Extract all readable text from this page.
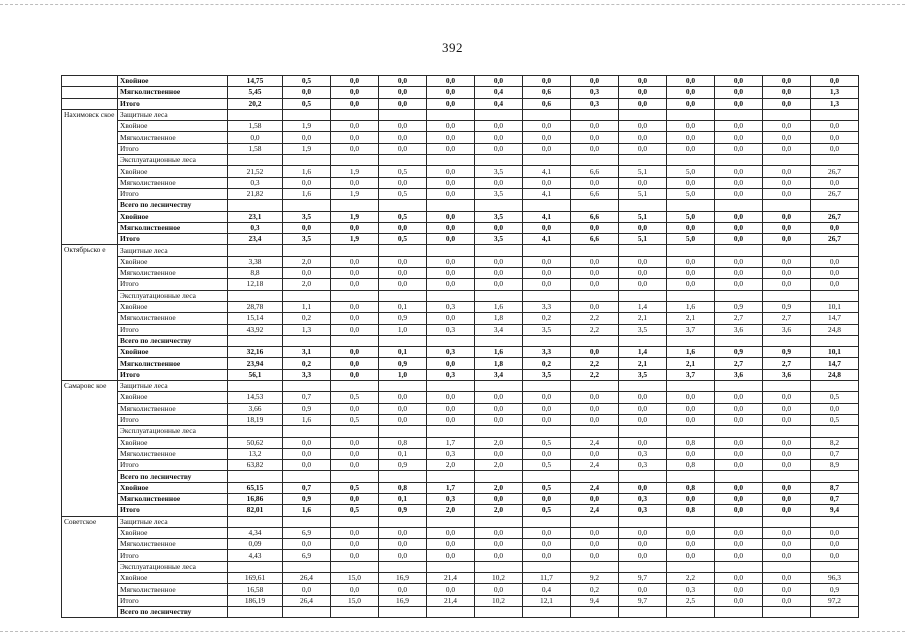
392
	Хвойное	14,75	0,5	0,0	0,0	0,0	0,0	0,0	0,0	0,0	0,0	0,0	0,0	0,0
	Мягколиственное	5,45	0,0	0,0	0,0	0,0	0,4	0,6	0,3	0,0	0,0	0,0	0,0	1,3
	Итого	20,2	0,5	0,0	0,0	0,0	0,4	0,6	0,3	0,0	0,0	0,0	0,0	1,3
Нахимовск ское	Защитные леса													
	Хвойное	1,58	1,9	0,0	0,0	0,0	0,0	0,0	0,0	0,0	0,0	0,0	0,0	0,0
	Мягколиственное	0,0	0,0	0,0	0,0	0,0	0,0	0,0	0,0	0,0	0,0	0,0	0,0	0,0
	Итого	1,58	1,9	0,0	0,0	0,0	0,0	0,0	0,0	0,0	0,0	0,0	0,0	0,0
	Эксплуатационные леса													
	Хвойное	21,52	1,6	1,9	0,5	0,0	3,5	4,1	6,6	5,1	5,0	0,0	0,0	26,7
	Мягколиственное	0,3	0,0	0,0	0,0	0,0	0,0	0,0	0,0	0,0	0,0	0,0	0,0	0,0
	Итого	21,82	1,6	1,9	0,5	0,0	3,5	4,1	6,6	5,1	5,0	0,0	0,0	26,7
	Всего по лесничеству													
	Хвойное	23,1	3,5	1,9	0,5	0,0	3,5	4,1	6,6	5,1	5,0	0,0	0,0	26,7
	Мягколиственное	0,3	0,0	0,0	0,0	0,0	0,0	0,0	0,0	0,0	0,0	0,0	0,0	0,0
	Итого	23,4	3,5	1,9	0,5	0,0	3,5	4,1	6,6	5,1	5,0	0,0	0,0	26,7
Октябрьско е	Защитные леса													
	Хвойное	3,38	2,0	0,0	0,0	0,0	0,0	0,0	0,0	0,0	0,0	0,0	0,0	0,0
	Мягколиственное	8,8	0,0	0,0	0,0	0,0	0,0	0,0	0,0	0,0	0,0	0,0	0,0	0,0
	Итого	12,18	2,0	0,0	0,0	0,0	0,0	0,0	0,0	0,0	0,0	0,0	0,0	0,0
	Эксплуатационные леса													
	Хвойное	28,78	1,1	0,0	0,1	0,3	1,6	3,3	0,0	1,4	1,6	0,9	0,9	10,1
	Мягколиственное	15,14	0,2	0,0	0,9	0,0	1,8	0,2	2,2	2,1	2,1	2,7	2,7	14,7
	Итого	43,92	1,3	0,0	1,0	0,3	3,4	3,5	2,2	3,5	3,7	3,6	3,6	24,8
	Всего по лесничеству													
	Хвойное	32,16	3,1	0,0	0,1	0,3	1,6	3,3	0,0	1,4	1,6	0,9	0,9	10,1
	Мягколиственное	23,94	0,2	0,0	0,9	0,0	1,8	0,2	2,2	2,1	2,1	2,7	2,7	14,7
	Итого	56,1	3,3	0,0	1,0	0,3	3,4	3,5	2,2	3,5	3,7	3,6	3,6	24,8
Самаровс кое	Защитные леса													
	Хвойное	14,53	0,7	0,5	0,0	0,0	0,0	0,0	0,0	0,0	0,0	0,0	0,0	0,5
	Мягколиственное	3,66	0,9	0,0	0,0	0,0	0,0	0,0	0,0	0,0	0,0	0,0	0,0	0,0
	Итого	18,19	1,6	0,5	0,0	0,0	0,0	0,0	0,0	0,0	0,0	0,0	0,0	0,5
	Эксплуатационные леса													
	Хвойное	50,62	0,0	0,0	0,8	1,7	2,0	0,5	2,4	0,0	0,8	0,0	0,0	8,2
	Мягколиственное	13,2	0,0	0,0	0,1	0,3	0,0	0,0	0,0	0,3	0,0	0,0	0,0	0,7
	Итого	63,82	0,0	0,0	0,9	2,0	2,0	0,5	2,4	0,3	0,8	0,0	0,0	8,9
	Всего по лесничеству													
	Хвойное	65,15	0,7	0,5	0,8	1,7	2,0	0,5	2,4	0,0	0,8	0,0	0,0	8,7
	Мягколиственное	16,86	0,9	0,0	0,1	0,3	0,0	0,0	0,0	0,3	0,0	0,0	0,0	0,7
	Итого	82,01	1,6	0,5	0,9	2,0	2,0	0,5	2,4	0,3	0,8	0,0	0,0	9,4
Советское	Защитные леса													
	Хвойное	4,34	6,9	0,0	0,0	0,0	0,0	0,0	0,0	0,0	0,0	0,0	0,0	0,0
	Мягколиственное	0,09	0,0	0,0	0,0	0,0	0,0	0,0	0,0	0,0	0,0	0,0	0,0	0,0
	Итого	4,43	6,9	0,0	0,0	0,0	0,0	0,0	0,0	0,0	0,0	0,0	0,0	0,0
	Эксплуатационные леса													
	Хвойное	169,61	26,4	15,0	16,9	21,4	10,2	11,7	9,2	9,7	2,2	0,0	0,0	96,3
	Мягколиственное	16,58	0,0	0,0	0,0	0,0	0,0	0,4	0,2	0,0	0,3	0,0	0,0	0,9
	Итого	186,19	26,4	15,0	16,9	21,4	10,2	12,1	9,4	9,7	2,5	0,0	0,0	97,2
	Всего по лесничеству													
